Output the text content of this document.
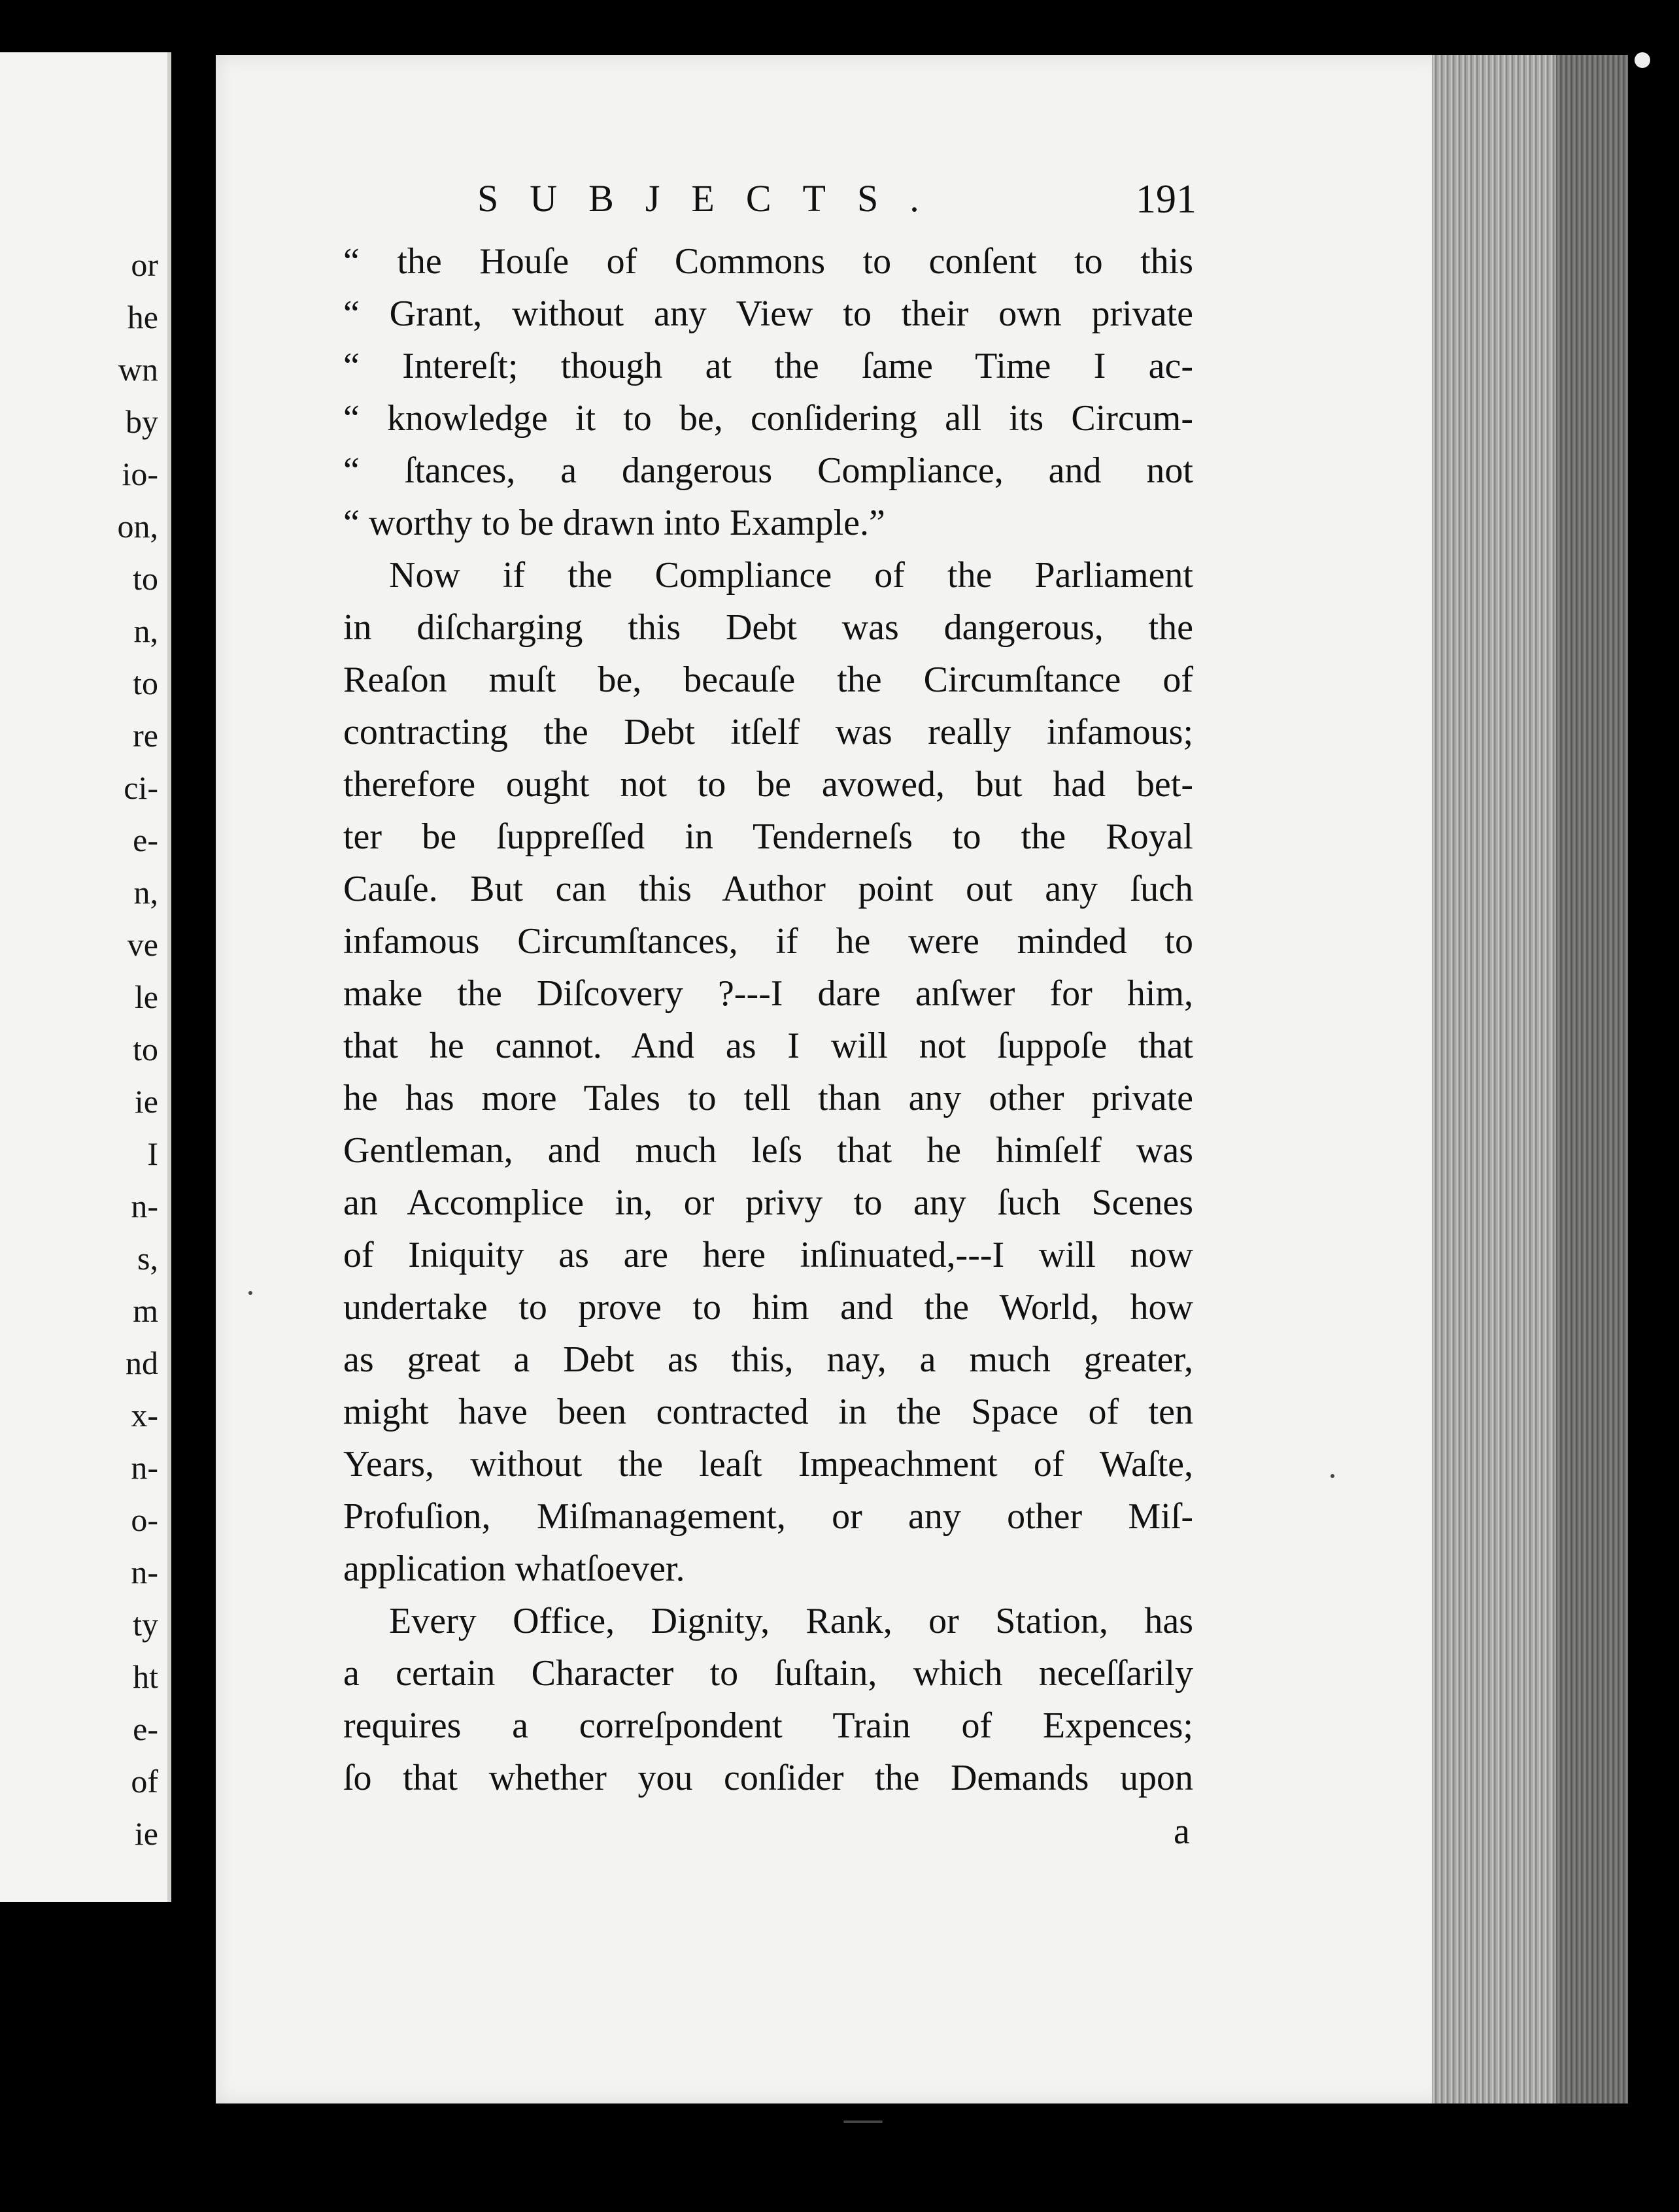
or
he
wn
by
io-
on,
to
n,
to
re
ci-
e-
n,
ve
le
to
ie
I
n-
s,
m
nd
x-
n-
o-
n-
ty
ht
e-
of
ie
SUBJECTS.	191
“ the Houſe of Commons to conſent to this
“ Grant, without any View to their own private
“ Intereſt; though at the ſame Time I ac-
“ knowledge it to be, conſidering all its Circum-
“ ſtances, a dangerous Compliance, and not
“ worthy to be drawn into Example.”
Now if the Compliance of the Parliament
in diſcharging this Debt was dangerous, the
Reaſon muſt be, becauſe the Circumſtance of
contracting the Debt itſelf was really infamous;
therefore ought not to be avowed, but had bet-
ter be ſuppreſſed in Tenderneſs to the Royal
Cauſe. But can this Author point out any ſuch
infamous Circumſtances, if he were minded to
make the Diſcovery ?---I dare anſwer for him,
that he cannot. And as I will not ſuppoſe that
he has more Tales to tell than any other private
Gentleman, and much leſs that he himſelf was
an Accomplice in, or privy to any ſuch Scenes
of Iniquity as are here inſinuated,---I will now
undertake to prove to him and the World, how
as great a Debt as this, nay, a much greater,
might have been contracted in the Space of ten
Years, without the leaſt Impeachment of Waſte,
Profuſion, Miſmanagement, or any other Miſ-
application whatſoever.
Every Office, Dignity, Rank, or Station, has
a certain Character to ſuſtain, which neceſſarily
requires a correſpondent Train of Expences;
ſo that whether you conſider the Demands upon
a
